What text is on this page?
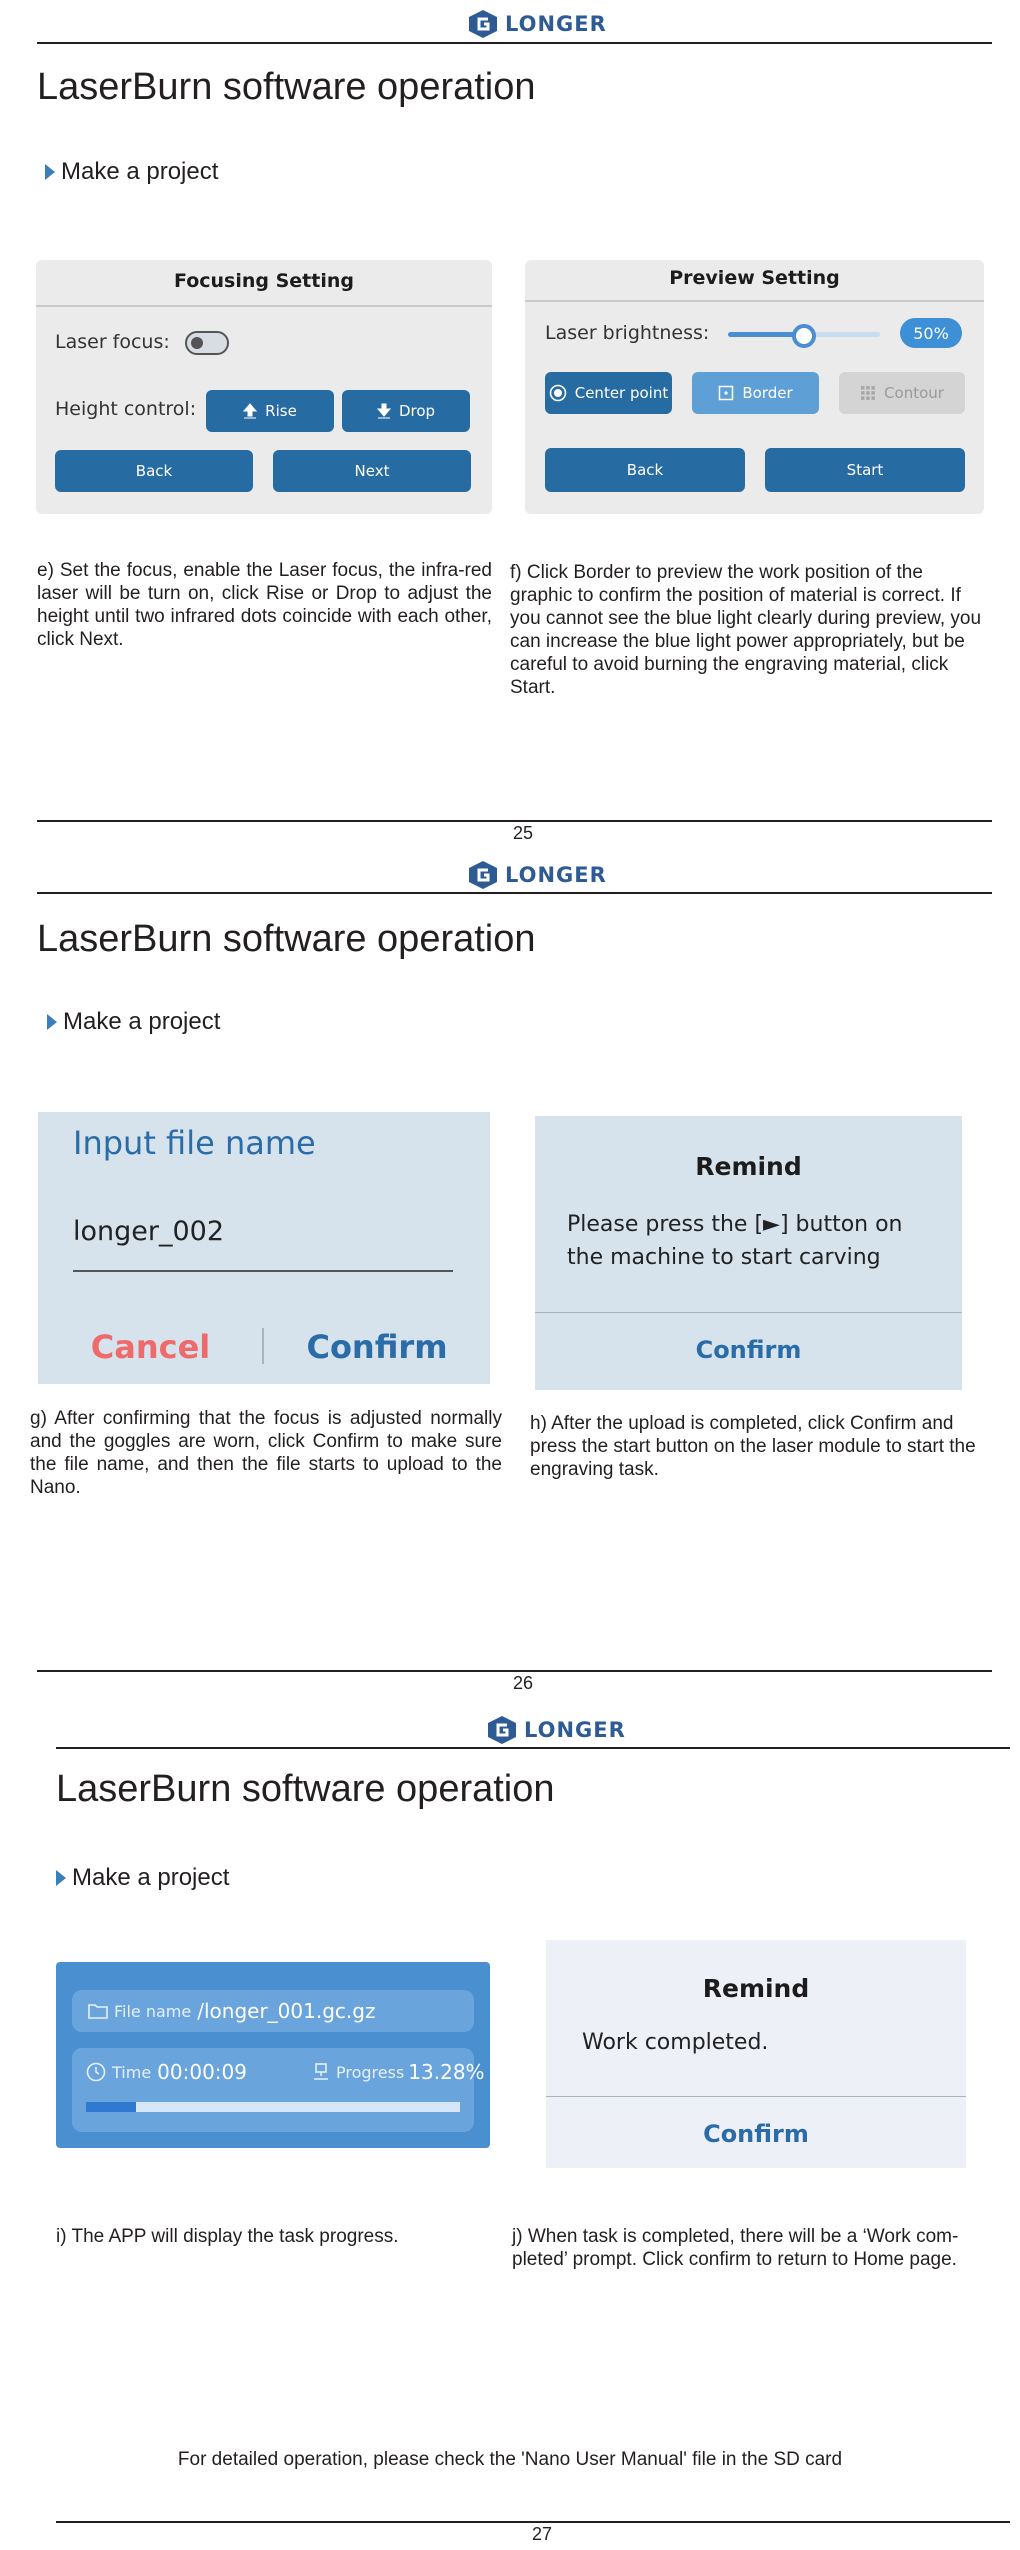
LONGER
LaserBurn software operation
Make a project
Focusing Setting
Laser focus:
Height control:	Rise	Drop
Back	Next
Preview Setting
Laser brightness:	50%
Center point	Border	Contour
Back	Start
e) Set the focus, enable the Laser focus, the infra-red laser will be turn on, click Rise or Drop to adjust the height until two infrared dots coincide with each other, click Next.
f) Click Border to preview the work position of the graphic to confirm the position of material is correct. If you cannot see the blue light clearly during preview, you can increase the blue light power appropriately, but be careful to avoid burning the engraving material, click Start.
25
LONGER
LaserBurn software operation
Make a project
Input file name
longer_002
Cancel	Confirm
Remind
Please press the [►] button on the machine to start carving
Confirm
g) After confirming that the focus is adjusted normally and the goggles are worn, click Confirm to make sure the file name, and then the file starts to upload to the Nano.
h) After the upload is completed, click Confirm and press the start button on the laser module to start the engraving task.
26
LONGER
LaserBurn software operation
Make a project
File name /longer_001.gc.gz
Time 00:00:09	Progress 13.28%
Remind
Work completed.
Confirm
i) The APP will display the task progress.	j) When task is completed, there will be a ‘Work com-pleted’ prompt. Click confirm to return to Home page.
For detailed operation, please check the 'Nano User Manual' file in the SD card
27
